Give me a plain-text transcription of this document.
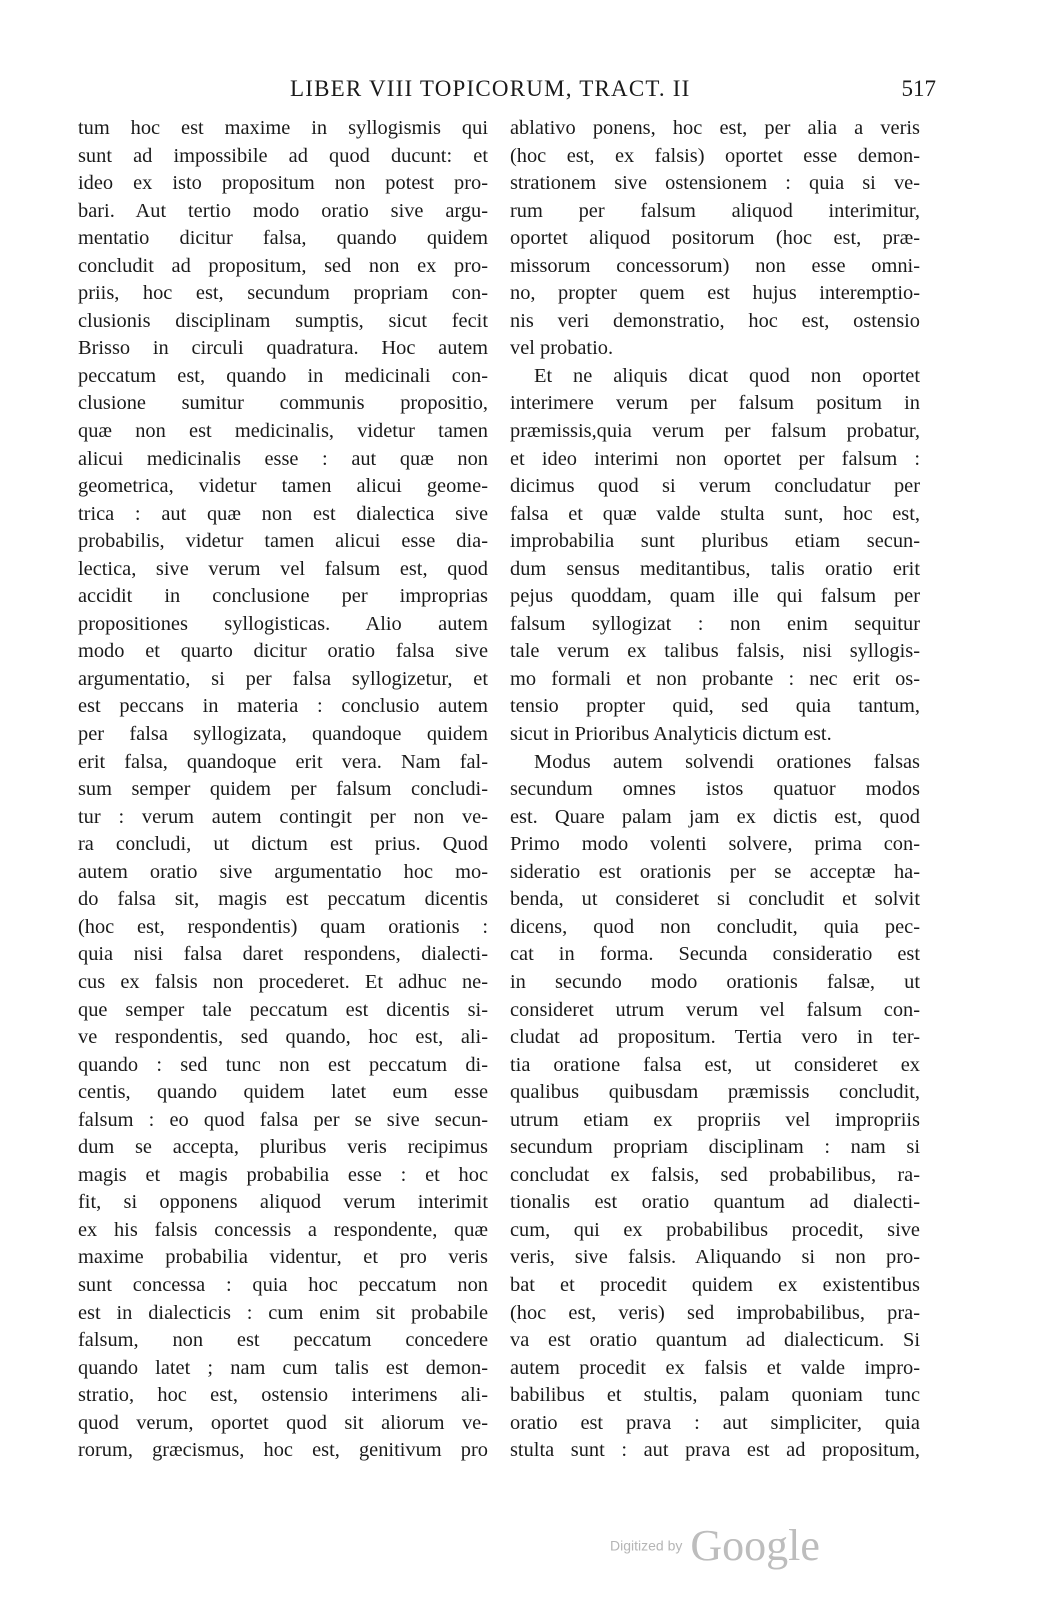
LIBER VIII TOPICORUM, TRACT. II	517
tum hoc est maxime in syllogismis qui
sunt ad impossibile ad quod ducunt: et
ideo ex isto propositum non potest pro-
bari. Aut tertio modo oratio sive argu-
mentatio dicitur falsa, quando quidem
concludit ad propositum, sed non ex pro-
priis, hoc est, secundum propriam con-
clusionis disciplinam sumptis, sicut fecit
Brisso in circuli quadratura. Hoc autem
peccatum est, quando in medicinali con-
clusione sumitur communis propositio,
quæ non est medicinalis, videtur tamen
alicui medicinalis esse : aut quæ non
geometrica, videtur tamen alicui geome-
trica : aut quæ non est dialectica sive
probabilis, videtur tamen alicui esse dia-
lectica, sive verum vel falsum est, quod
accidit in conclusione per improprias
propositiones syllogisticas. Alio autem
modo et quarto dicitur oratio falsa sive
argumentatio, si per falsa syllogizetur, et
est peccans in materia : conclusio autem
per falsa syllogizata, quandoque quidem
erit falsa, quandoque erit vera. Nam fal-
sum semper quidem per falsum concludi-
tur : verum autem contingit per non ve-
ra concludi, ut dictum est prius. Quod
autem oratio sive argumentatio hoc mo-
do falsa sit, magis est peccatum dicentis
(hoc est, respondentis) quam orationis :
quia nisi falsa daret respondens, dialecti-
cus ex falsis non procederet. Et adhuc ne-
que semper tale peccatum est dicentis si-
ve respondentis, sed quando, hoc est, ali-
quando : sed tunc non est peccatum di-
centis, quando quidem latet eum esse
falsum : eo quod falsa per se sive secun-
dum se accepta, pluribus veris recipimus
magis et magis probabilia esse : et hoc
fit, si opponens aliquod verum interimit
ex his falsis concessis a respondente, quæ
maxime probabilia videntur, et pro veris
sunt concessa : quia hoc peccatum non
est in dialecticis : cum enim sit probabile
falsum, non est peccatum concedere
quando latet ; nam cum talis est demon-
stratio, hoc est, ostensio interimens ali-
quod verum, oportet quod sit aliorum ve-
rorum, græcismus, hoc est, genitivum pro
ablativo ponens, hoc est, per alia a veris
(hoc est, ex falsis) oportet esse demon-
strationem sive ostensionem : quia si ve-
rum per falsum aliquod interimitur,
oportet aliquod positorum (hoc est, præ-
missorum concessorum) non esse omni-
no, propter quem est hujus interemptio-
nis veri demonstratio, hoc est, ostensio
vel probatio.
Et ne aliquis dicat quod non oportet
interimere verum per falsum positum in
præmissis,quia verum per falsum probatur,
et ideo interimi non oportet per falsum :
dicimus quod si verum concludatur per
falsa et quæ valde stulta sunt, hoc est,
improbabilia sunt pluribus etiam secun-
dum sensus meditantibus, talis oratio erit
pejus quoddam, quam ille qui falsum per
falsum syllogizat : non enim sequitur
tale verum ex talibus falsis, nisi syllogis-
mo formali et non probante : nec erit os-
tensio propter quid, sed quia tantum,
sicut in Prioribus Analyticis dictum est.
Modus autem solvendi orationes falsas
secundum omnes istos quatuor modos
est. Quare palam jam ex dictis est, quod
Primo modo volenti solvere, prima con-
sideratio est orationis per se acceptæ ha-
benda, ut consideret si concludit et solvit
dicens, quod non concludit, quia pec-
cat in forma. Secunda consideratio est
in secundo modo orationis falsæ, ut
consideret utrum verum vel falsum con-
cludat ad propositum. Tertia vero in ter-
tia oratione falsa est, ut consideret ex
qualibus quibusdam præmissis concludit,
utrum etiam ex propriis vel impropriis
secundum propriam disciplinam : nam si
concludat ex falsis, sed probabilibus, ra-
tionalis est oratio quantum ad dialecti-
cum, qui ex probabilibus procedit, sive
veris, sive falsis. Aliquando si non pro-
bat et procedit quidem ex existentibus
(hoc est, veris) sed improbabilibus, pra-
va est oratio quantum ad dialecticum. Si
autem procedit ex falsis et valde impro-
babilibus et stultis, palam quoniam tunc
oratio est prava : aut simpliciter, quia
stulta sunt : aut prava est ad propositum,
Digitized by Google
